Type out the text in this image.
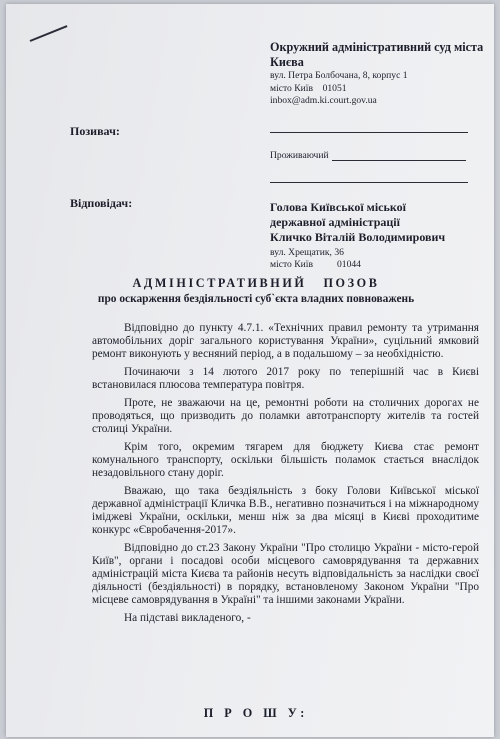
Окружний адміністративний суд міста Києва
вул. Петра Болбочана, 8, корпус 1
місто Київ    01051
inbox@adm.ki.court.gov.ua
Позивач:
Проживаючий
Відповідач:	Голова Київської міської
державної адміністрації
Кличко Віталій Володимирович
вул. Хрещатик, 36
місто Київ          01044
АДМІНІСТРАТИВНИЙ   ПОЗОВ
про оскарження бездіяльності суб`єкта владних повноважень

Відповідно до пункту 4.7.1. «Технічних правил ремонту та утримання автомобільних доріг загального користування України», суцільний ямковий ремонт виконують у весняний період, а в подальшому – за необхідністю.

Починаючи з 14 лютого 2017 року по теперішній час в Києві встановилася плюсова температура повітря.

Проте, не зважаючи на це, ремонтні роботи на столичних дорогах не проводяться, що призводить до поламки автотранспорту жителів та гостей столиці України.

Крім того, окремим тягарем для бюджету Києва стає ремонт комунального транспорту, оскільки більшість поламок стається внаслідок незадовільного стану доріг.

Вважаю, що така бездіяльність з боку Голови Київської міської державної адміністрації Кличка В.В., негативно позначиться і на міжнародному іміджеві України, оскільки, менш ніж за два місяці в Києві проходитиме конкурс «Євробачення-2017».

Відповідно до ст.23 Закону України "Про столицю України - місто-герой Київ", органи і посадові особи місцевого самоврядування та державних адміністрацій міста Києва та районів несуть відповідальність за наслідки своєї діяльності (бездіяльності) в порядку, встановленому Законом України "Про місцеве самоврядування в Україні" та іншими законами України.

На підставі викладеного, -

П Р О Ш У:
